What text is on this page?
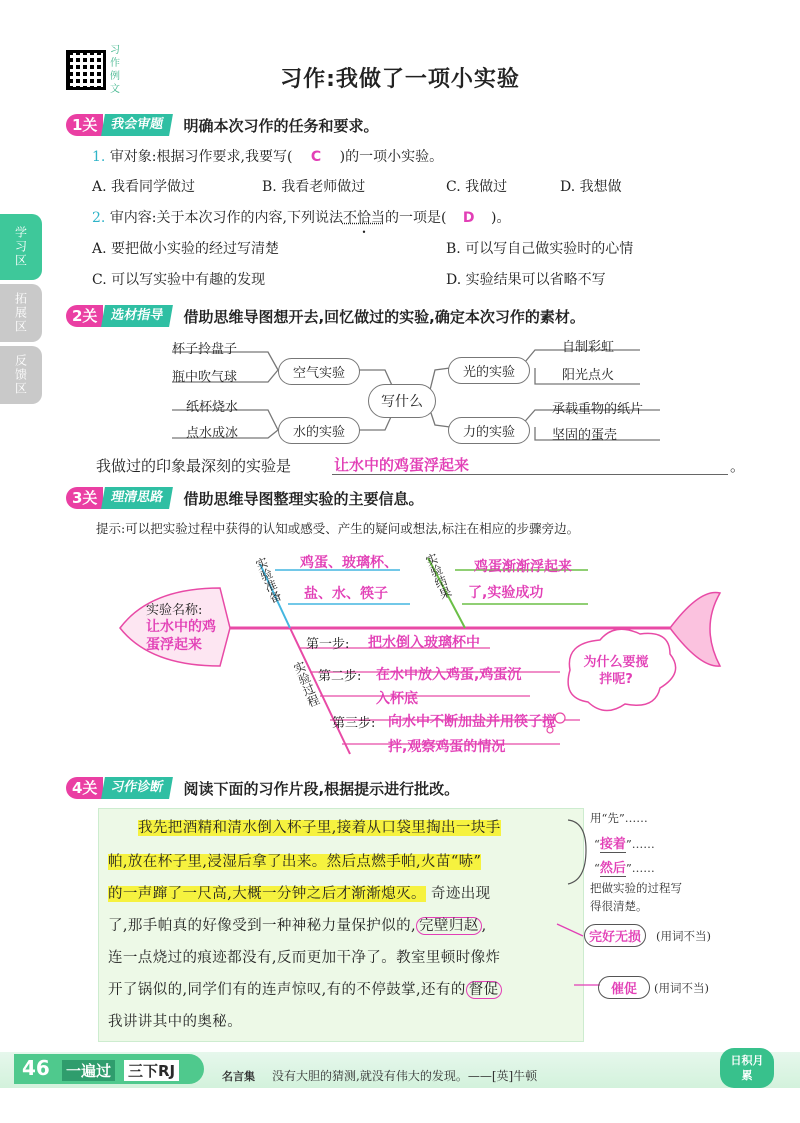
习作例文	习作:我做了一项小实验
学习区
拓展区
反馈区
1关 我会审题	明确本次习作的任务和要求。
1. 审对象:根据习作要求,我要写( C )的一项小实验。
A. 我看同学做过	B. 我看老师做过	C. 我做过	D. 我想做
2. 审内容:关于本次习作的内容,下列说法不恰当的一项是( D )。
A. 要把做小实验的经过写清楚	B. 可以写自己做实验时的心情
C. 可以写实验中有趣的发现	D. 实验结果可以省略不写
2关 选材指导	借助思维导图想开去,回忆做过的实验,确定本次习作的素材。
杯子拎盘子
瓶中吹气球	空气实验
写什么
光的实验
自制彩虹
阳光点火
纸杯烧水
点水成冰	水的实验	力的实验
承载重物的纸片
坚固的蛋壳
我做过的印象最深刻的实验是	让水中的鸡蛋浮起来	。
3关 理清思路	借助思维导图整理实验的主要信息。
提示:可以把实验过程中获得的认知或感受、产生的疑问或想法,标注在相应的步骤旁边。
实验名称:
让水中的鸡
蛋浮起来
实验准备 鸡蛋、玻璃杯、
盐、水、筷子	实验结果 鸡蛋渐渐浮起来
了,实验成功
实验过程
第一步: 把水倒入玻璃杯中
第二步: 在水中放入鸡蛋,鸡蛋沉
入杯底
第三步: 向水中不断加盐并用筷子搅
拌,观察鸡蛋的情况
为什么要搅拌呢?
4关 习作诊断	阅读下面的习作片段,根据提示进行批改。
我先把酒精和清水倒入杯子里,接着从口袋里掏出一块手
帕,放在杯子里,浸湿后拿了出来。然后点燃手帕,火苗“哧”
的一声蹿了一尺高,大概一分钟之后才渐渐熄灭。 奇迹出现
了,那手帕真的好像受到一种神秘力量保护似的, 完壁归赵 ,
连一点烧过的痕迹都没有,反而更加干净了。教室里顿时像炸
开了锅似的,同学们有的连声惊叹,有的不停鼓掌,还有的 督促
我讲讲其中的奥秘。
用“先”……
“接着”……
“然后”……
把做实验的过程写
得很清楚。
完好无损	(用词不当)
催促	(用词不当)
46 一遍过 三下RJ	名言集 没有大胆的猜测,就没有伟大的发现。——[英]牛顿
日积月累
